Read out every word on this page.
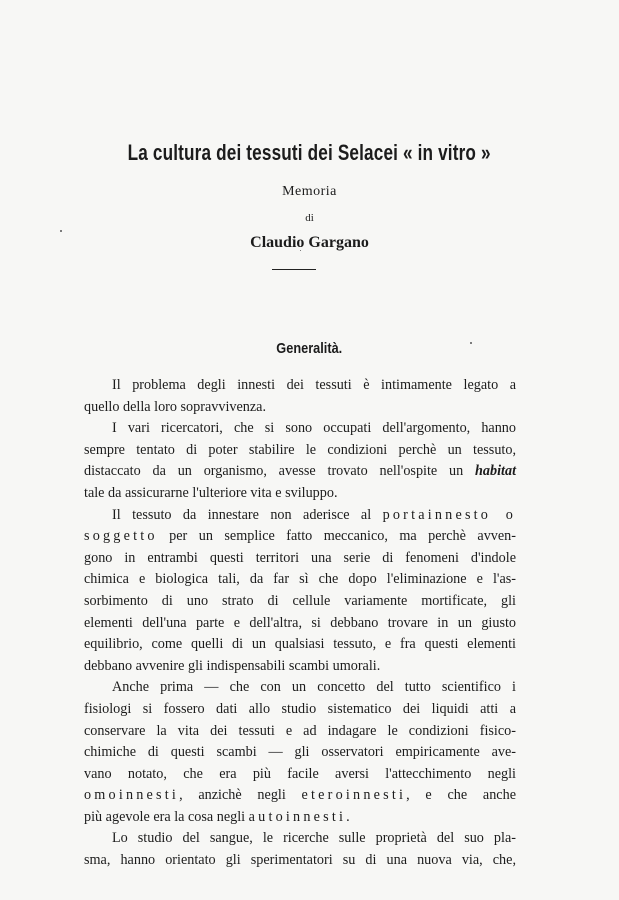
La cultura dei tessuti dei Selacei « in vitro »
Memoria
di
Claudio Gargano
Generalità.

Il problema degli innesti dei tessuti è intimamente legato a

quello della loro sopravvivenza.

I vari ricercatori, che si sono occupati dell'argomento, hanno

sempre tentato di poter stabilire le condizioni perchè un tessuto,

distaccato da un organismo, avesse trovato nell'ospite un habitat

tale da assicurarne l'ulteriore vita e sviluppo.

Il tessuto da innestare non aderisce al portainnesto o

soggetto per un semplice fatto meccanico, ma perchè avven-

gono in entrambi questi territori una serie di fenomeni d'indole

chimica e biologica tali, da far sì che dopo l'eliminazione e l'as-

sorbimento di uno strato di cellule variamente mortificate, gli

elementi dell'una parte e dell'altra, si debbano trovare in un giusto

equilibrio, come quelli di un qualsiasi tessuto, e fra questi elementi

debbano avvenire gli indispensabili scambi umorali.

Anche prima — che con un concetto del tutto scientifico i

fisiologi si fossero dati allo studio sistematico dei liquidi atti a

conservare la vita dei tessuti e ad indagare le condizioni fisico-

chimiche di questi scambi — gli osservatori empiricamente ave-

vano notato, che era più facile aversi l'attecchimento negli

omoinnesti, anzichè negli eteroinnesti, e che anche

più agevole era la cosa negli autoinnesti.

Lo studio del sangue, le ricerche sulle proprietà del suo pla-

sma, hanno orientato gli sperimentatori su di una nuova via, che,
